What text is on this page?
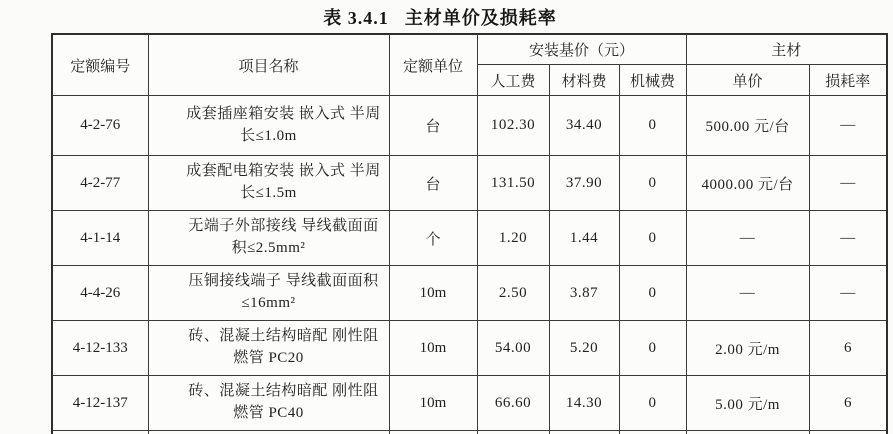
表 3.4.1 主材单价及损耗率
定额编号	项目名称	定额单位	安装基价（元）			主材	
			人工费	材料费	机械费	单价	损耗率
4-2-76	成套插座箱安装 嵌入式 半周长≤1.0m	台	102.30	34.40	0	500.00 元/台	—
4-2-77	成套配电箱安装 嵌入式 半周长≤1.5m	台	131.50	37.90	0	4000.00 元/台	—
4-1-14	无端子外部接线 导线截面面积≤2.5mm²	个	1.20	1.44	0	—	—
4-4-26	压铜接线端子 导线截面面积≤16mm²	10m	2.50	3.87	0	—	—
4-12-133	砖、混凝土结构暗配 刚性阻燃管 PC20	10m	54.00	5.20	0	2.00 元/m	6
4-12-137	砖、混凝土结构暗配 刚性阻燃管 PC40	10m	66.60	14.30	0	5.00 元/m	6
